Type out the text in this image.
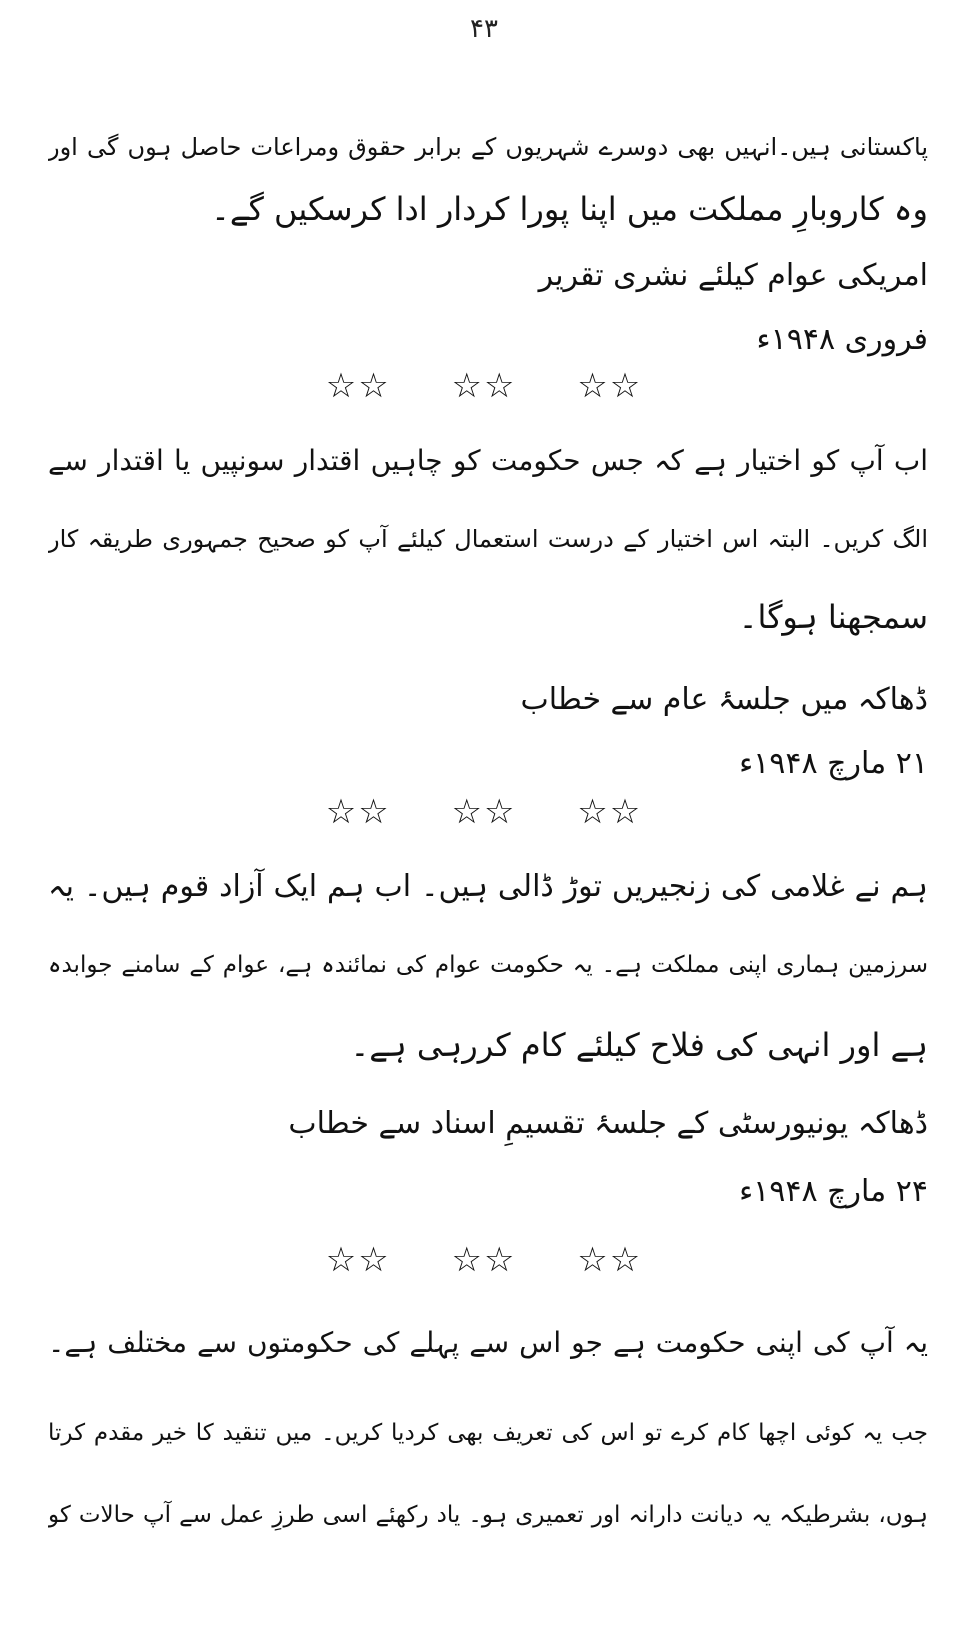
۴۳
پاکستانی ہیں۔انہیں بھی دوسرے شہریوں کے برابر حقوق ومراعات حاصل ہوں گی اور
وہ کاروبارِ مملکت میں اپنا پورا کردار ادا کرسکیں گے۔
امریکی عوام کیلئے نشری تقریر
فروری ۱۹۴۸ء
☆☆ ☆☆ ☆☆
اب آپ کو اختیار ہے کہ جس حکومت کو چاہیں اقتدار سونپیں یا اقتدار سے
الگ کریں۔ البتہ اس اختیار کے درست استعمال کیلئے آپ کو صحیح جمہوری طریقہ کار
سمجھنا ہوگا۔
ڈھاکہ میں جلسۂ عام سے خطاب
۲۱ مارچ ۱۹۴۸ء
☆☆ ☆☆ ☆☆
ہم نے غلامی کی زنجیریں توڑ ڈالی ہیں۔ اب ہم ایک آزاد قوم ہیں۔ یہ
سرزمین ہماری اپنی مملکت ہے۔ یہ حکومت عوام کی نمائندہ ہے، عوام کے سامنے جوابدہ
ہے اور انہی کی فلاح کیلئے کام کررہی ہے۔
ڈھاکہ یونیورسٹی کے جلسۂ تقسیمِ اسناد سے خطاب
۲۴ مارچ ۱۹۴۸ء
☆☆ ☆☆ ☆☆
یہ آپ کی اپنی حکومت ہے جو اس سے پہلے کی حکومتوں سے مختلف ہے۔
جب یہ کوئی اچھا کام کرے تو اس کی تعریف بھی کردیا کریں۔ میں تنقید کا خیر مقدم کرتا
ہوں، بشرطیکہ یہ دیانت دارانہ اور تعمیری ہو۔ یاد رکھئے اسی طرزِ عمل سے آپ حالات کو
